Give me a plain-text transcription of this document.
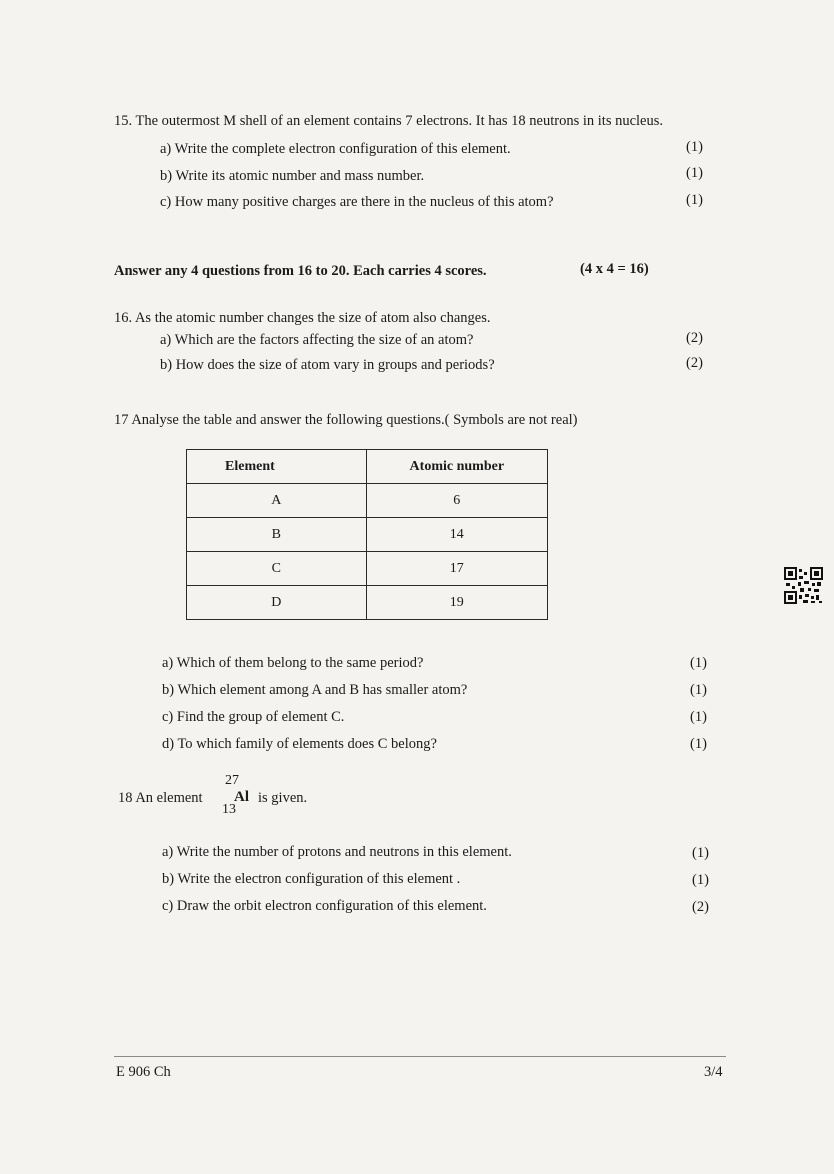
15. The outermost M shell of an element contains 7 electrons. It has 18 neutrons in its nucleus.
a) Write the complete electron configuration of this element.	(1)
b) Write its atomic number and mass number.	(1)
c) How many positive charges are there in the nucleus of this atom?	(1)
Answer any 4 questions from 16 to 20. Each carries 4 scores.	(4 x 4 = 16)
16. As the atomic number changes the size of atom also changes.
a) Which are the factors affecting the size of an atom?	(2)
b) How does the size of atom vary in groups and periods?	(2)
17 Analyse the table and answer the following questions.( Symbols are not real)
Element	Atomic number
A	6
B	14
C	17
D	19
a) Which of them belong to the same period?	(1)
b) Which element among A and B has smaller atom?	(1)
c) Find the group of element C.	(1)
d) To which family of elements does C belong?	(1)
18 An element
27
Al
13
is given.
a) Write the number of protons and neutrons in this element.	(1)
b) Write the electron configuration of this element .	(1)
c) Draw the orbit electron configuration of this element.	(2)
E 906 Ch	3/4
